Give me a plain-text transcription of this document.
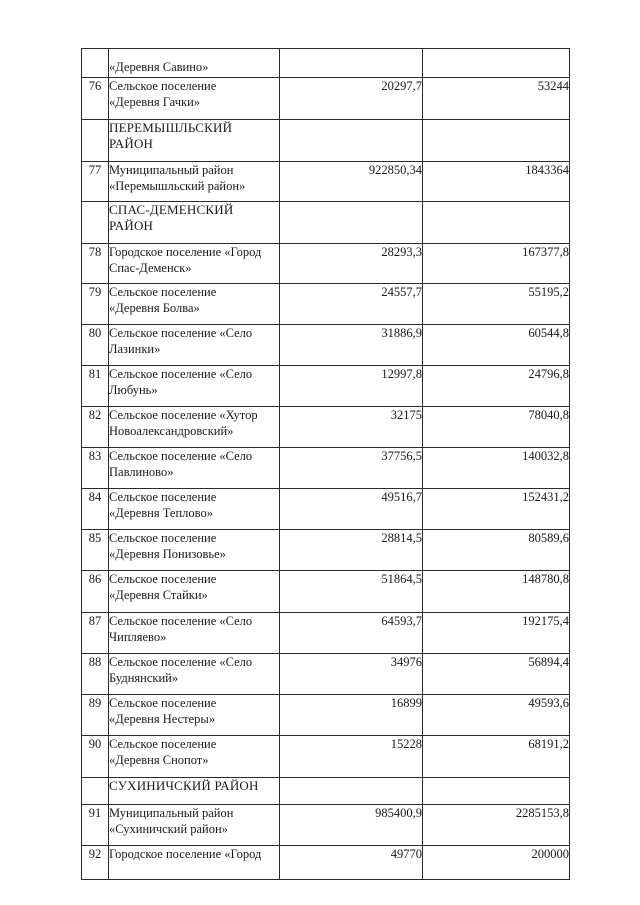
	«Деревня Савино»		
76	Сельское поселение
«Деревня Гачки»	20297,7	53244
	ПЕРЕМЫШЛЬСКИЙ
РАЙОН		
77	Муниципальный район
«Перемышльский район»	922850,34	1843364
	СПАС-ДЕМЕНСКИЙ
РАЙОН		
78	Городское поселение «Город
Спас-Деменск»	28293,3	167377,8
79	Сельское поселение
«Деревня Болва»	24557,7	55195,2
80	Сельское поселение «Село
Лазинки»	31886,9	60544,8
81	Сельское поселение «Село
Любунь»	12997,8	24796,8
82	Сельское поселение «Хутор
Новоалександровский»	32175	78040,8
83	Сельское поселение «Село
Павлиново»	37756,5	140032,8
84	Сельское поселение
«Деревня Теплово»	49516,7	152431,2
85	Сельское поселение
«Деревня Понизовье»	28814,5	80589,6
86	Сельское поселение
«Деревня Стайки»	51864,5	148780,8
87	Сельское поселение «Село
Чипляево»	64593,7	192175,4
88	Сельское поселение «Село
Буднянский»	34976	56894,4
89	Сельское поселение
«Деревня Нестеры»	16899	49593,6
90	Сельское поселение
«Деревня Снопот»	15228	68191,2
	СУХИНИЧСКИЙ РАЙОН		
91	Муниципальный район
«Сухиничский район»	985400,9	2285153,8
92	Городское поселение «Город	49770	200000
